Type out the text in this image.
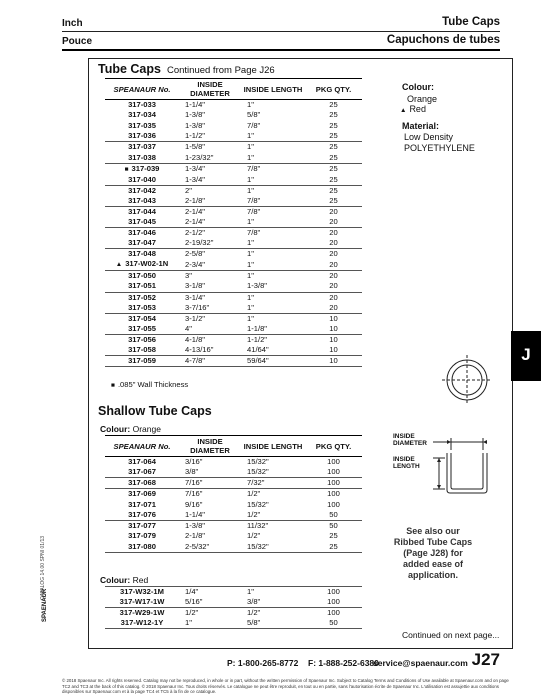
Inch	Tube Caps
Pouce	Capuchons de tubes
Tube Caps Continued from Page J26
SPEANAUR No.	INSIDE DIAMETER	INSIDE LENGTH	PKG QTY.
317-033	1-1/4"	1"	25
317-034	1-3/8"	5/8"	25
317-035	1-3/8"	7/8"	25
317-036	1-1/2"	1"	25
317-037	1-5/8"	1"	25
317-038	1-23/32"	1"	25
■ 317-039	1-3/4"	7/8"	25
317-040	1-3/4"	1"	25
317-042	2"	1"	25
317-043	2-1/8"	7/8"	25
317-044	2-1/4"	7/8"	20
317-045	2-1/4"	1"	20
317-046	2-1/2"	7/8"	20
317-047	2-19/32"	1"	20
317-048	2-5/8"	1"	20
▲ 317-W02-1N	2-3/4"	1"	20
317-050	3"	1"	20
317-051	3-1/8"	1-3/8"	20
317-052	3-1/4"	1"	20
317-053	3-7/16"	1"	20
317-054	3-1/2"	1"	10
317-055	4"	1-1/8"	10
317-056	4-1/8"	1-1/2"	10
317-058	4-13/16"	41/64"	10
317-059	4-7/8"	59/64"	10
■ .085" Wall Thickness
Colour:
Orange
▲ Red
Material:
Low Density
POLYETHYLENE
INSIDE DIAMETER
INSIDE LENGTH
Shallow Tube Caps
Colour: Orange
SPEANAUR No.	INSIDE DIAMETER	INSIDE LENGTH	PKG QTY.
317-064	3/16"	15/32"	100
317-067	3/8"	15/32"	100
317-068	7/16"	7/32"	100
317-069	7/16"	1/2"	100
317-071	9/16"	15/32"	100
317-076	1-1/4"	1/2"	50
317-077	1-3/8"	11/32"	50
317-079	2-1/8"	1/2"	25
317-080	2-5/32"	15/32"	25
Colour: Red
317-W32-1M	1/4"	1"	100
317-W17-1W	5/16"	3/8"	100
317-W29-1W	1/2"	1/2"	100
317-W12-1Y	1"	5/8"	50
See also our Ribbed Tube Caps (Page J28) for added ease of application.
Continued on next page...
J
CATALOG 14.00 SPNI 01/13
SPAENAUR
P: 1-800-265-8772 F: 1-888-252-6380
service@spaenaur.com J27
© 2018 Spaenaur Inc. All rights reserved. Catalog may not be reproduced, in whole or in part, without the written permission of Spaenaur Inc. Subject to Catalog Terms and Conditions of Use available at Spaenaur.com and on page TC2 and TC3 at the back of this catalog. © 2018 Spaenaur Inc. Tous droits réservés. Le catalogue ne peut être reproduit, en tout ou en partie, sans l'autorisation écrite de Spaenaur Inc. L'utilisation est assujettie aux conditions disponibles sur Spaenaur.com et à la page TC4 et TC5 à la fin de ce catalogue.
